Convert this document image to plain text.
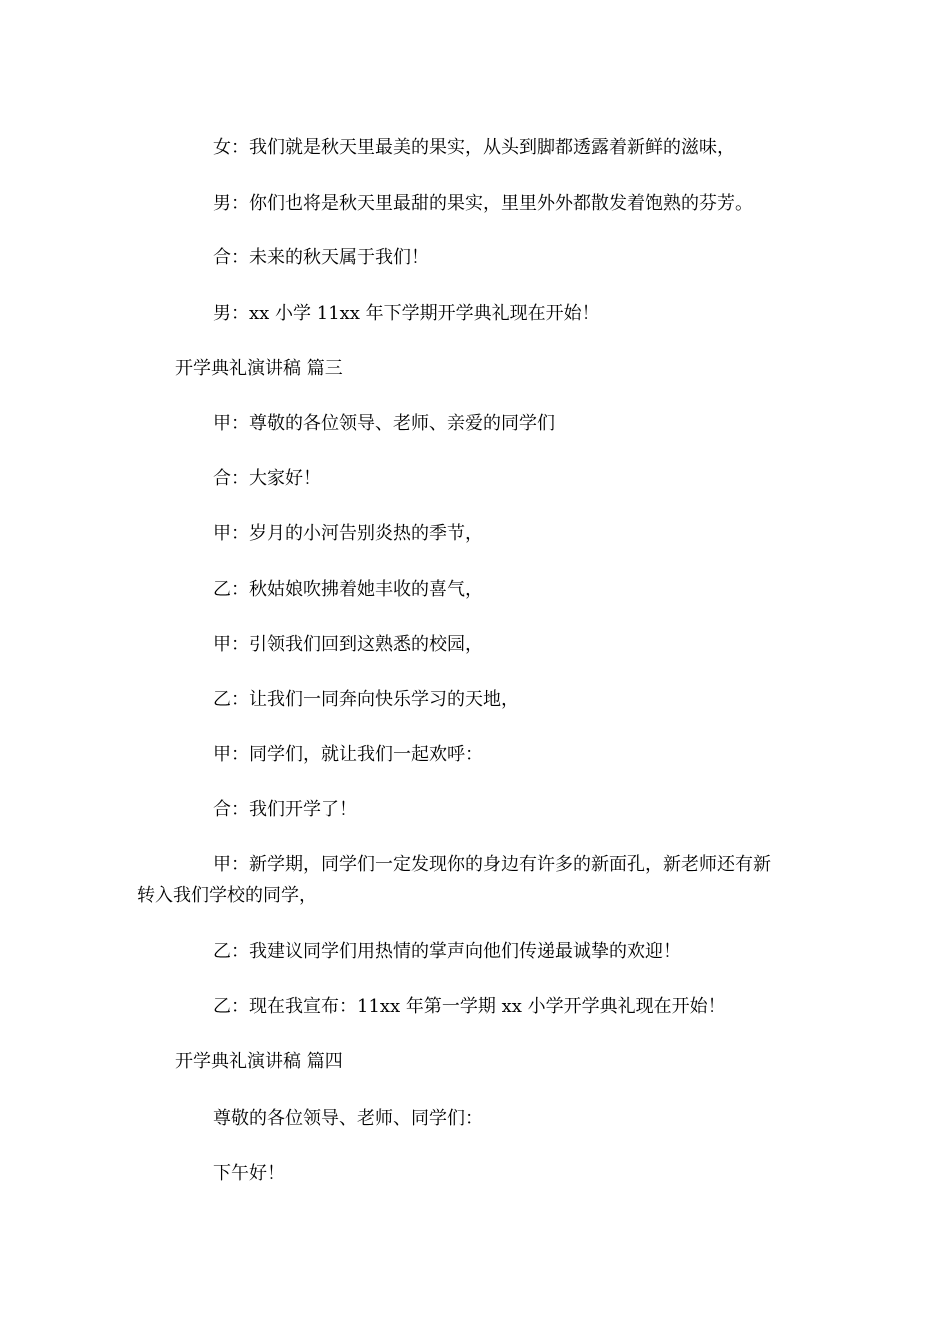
女：我们就是秋天里最美的果实，从头到脚都透露着新鲜的滋味，
男：你们也将是秋天里最甜的果实，里里外外都散发着饱熟的芬芳。
合：未来的秋天属于我们！
男：xx 小学 11xx 年下学期开学典礼现在开始！
开学典礼演讲稿 篇三
甲：尊敬的各位领导、老师、亲爱的同学们
合：大家好！
甲：岁月的小河告别炎热的季节，
乙：秋姑娘吹拂着她丰收的喜气，
甲：引领我们回到这熟悉的校园，
乙：让我们一同奔向快乐学习的天地，
甲：同学们，就让我们一起欢呼：
合：我们开学了！
甲：新学期，同学们一定发现你的身边有许多的新面孔，新老师还有新
转入我们学校的同学，
乙：我建议同学们用热情的掌声向他们传递最诚挚的欢迎！
乙：现在我宣布：11xx 年第一学期 xx 小学开学典礼现在开始！
开学典礼演讲稿 篇四
尊敬的各位领导、老师、同学们：
下午好！
